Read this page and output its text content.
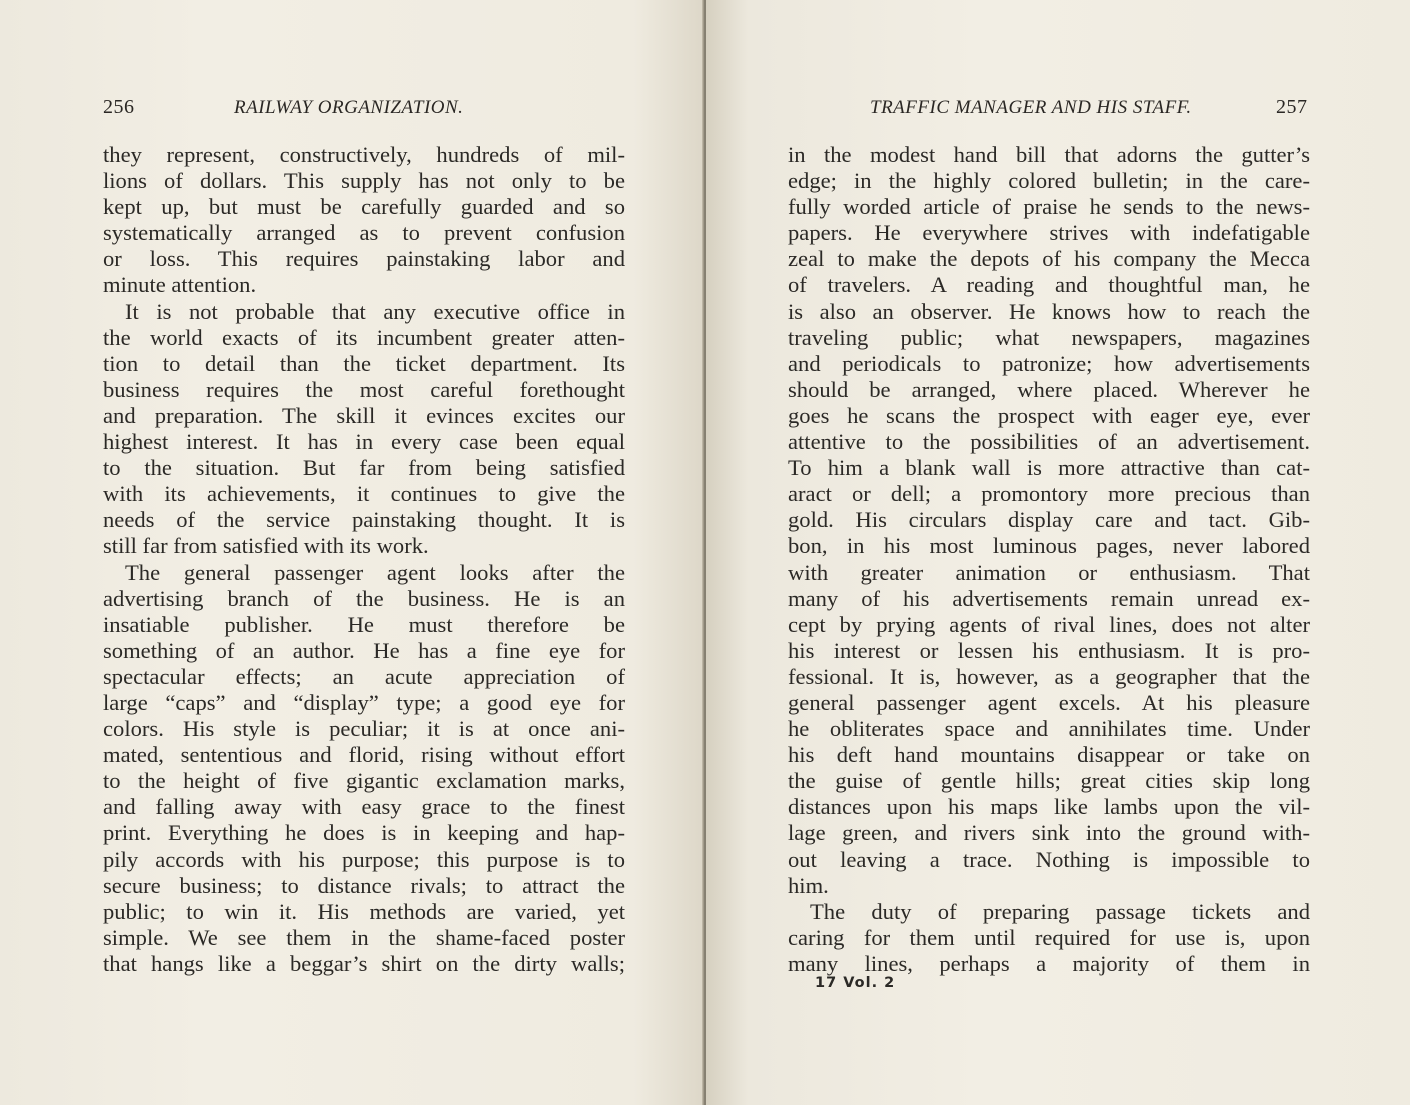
256	RAILWAY ORGANIZATION.
they represent, constructively, hundreds of mil-
lions of dollars. This supply has not only to be
kept up, but must be carefully guarded and so
systematically arranged as to prevent confusion
or loss. This requires painstaking labor and
minute attention.
It is not probable that any executive office in
the world exacts of its incumbent greater atten-
tion to detail than the ticket department. Its
business requires the most careful forethought
and preparation. The skill it evinces excites our
highest interest. It has in every case been equal
to the situation. But far from being satisfied
with its achievements, it continues to give the
needs of the service painstaking thought. It is
still far from satisfied with its work.
The general passenger agent looks after the
advertising branch of the business. He is an
insatiable publisher. He must therefore be
something of an author. He has a fine eye for
spectacular effects; an acute appreciation of
large “caps” and “display” type; a good eye for
colors. His style is peculiar; it is at once ani-
mated, sententious and florid, rising without effort
to the height of five gigantic exclamation marks,
and falling away with easy grace to the finest
print. Everything he does is in keeping and hap-
pily accords with his purpose; this purpose is to
secure business; to distance rivals; to attract the
public; to win it. His methods are varied, yet
simple. We see them in the shame-faced poster
that hangs like a beggar’s shirt on the dirty walls;
TRAFFIC MANAGER AND HIS STAFF.	257
in the modest hand bill that adorns the gutter’s
edge; in the highly colored bulletin; in the care-
fully worded article of praise he sends to the news-
papers. He everywhere strives with indefatigable
zeal to make the depots of his company the Mecca
of travelers. A reading and thoughtful man, he
is also an observer. He knows how to reach the
traveling public; what newspapers, magazines
and periodicals to patronize; how advertisements
should be arranged, where placed. Wherever he
goes he scans the prospect with eager eye, ever
attentive to the possibilities of an advertisement.
To him a blank wall is more attractive than cat-
aract or dell; a promontory more precious than
gold. His circulars display care and tact. Gib-
bon, in his most luminous pages, never labored
with greater animation or enthusiasm. That
many of his advertisements remain unread ex-
cept by prying agents of rival lines, does not alter
his interest or lessen his enthusiasm. It is pro-
fessional. It is, however, as a geographer that the
general passenger agent excels. At his pleasure
he obliterates space and annihilates time. Under
his deft hand mountains disappear or take on
the guise of gentle hills; great cities skip long
distances upon his maps like lambs upon the vil-
lage green, and rivers sink into the ground with-
out leaving a trace. Nothing is impossible to
him.
The duty of preparing passage tickets and
caring for them until required for use is, upon
many lines, perhaps a majority of them in
17 Vol. 2
